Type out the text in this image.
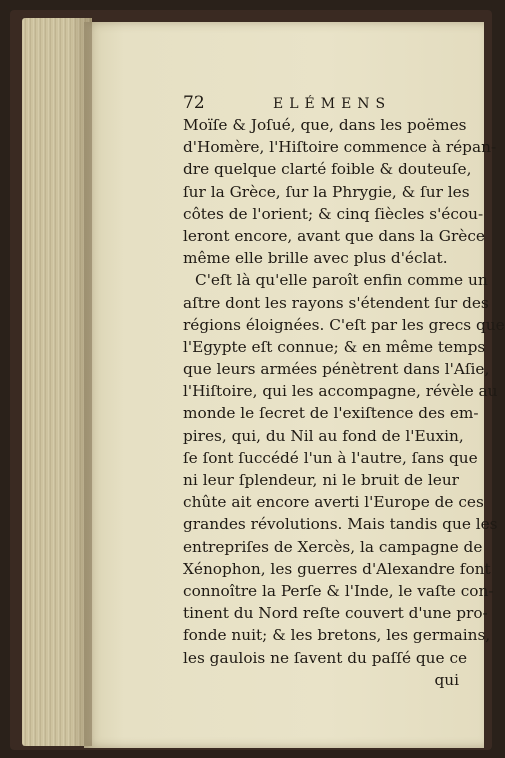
72	ELÉMENS
Moïſe & Joſué, que, dans les poëmes
d'Homère, l'Hiſtoire commence à répan-
dre quelque clarté foible & douteuſe,
ſur la Grèce, ſur la Phrygie, & ſur les
côtes de l'orient; & cinq ſiècles s'écou-
leront encore, avant que dans la Grèce
même elle brille avec plus d'éclat.
C'eſt là qu'elle paroît enfin comme un
aſtre dont les rayons s'étendent ſur des
régions éloignées. C'eſt par les grecs que
l'Egypte eſt connue; & en même temps
que leurs armées pénètrent dans l'Aſie,
l'Hiſtoire, qui les accompagne, révèle au
monde le ſecret de l'exiſtence des em-
pires, qui, du Nil au fond de l'Euxin,
ſe ſont ſuccédé l'un à l'autre, ſans que
ni leur ſplendeur, ni le bruit de leur
chûte ait encore averti l'Europe de ces
grandes révolutions. Mais tandis que les
entrepriſes de Xercès, la campagne de
Xénophon, les guerres d'Alexandre font
connoître la Perſe & l'Inde, le vaſte con-
tinent du Nord reſte couvert d'une pro-
fonde nuit; & les bretons, les germains,
les gaulois ne ſavent du paſſé que ce
qui
